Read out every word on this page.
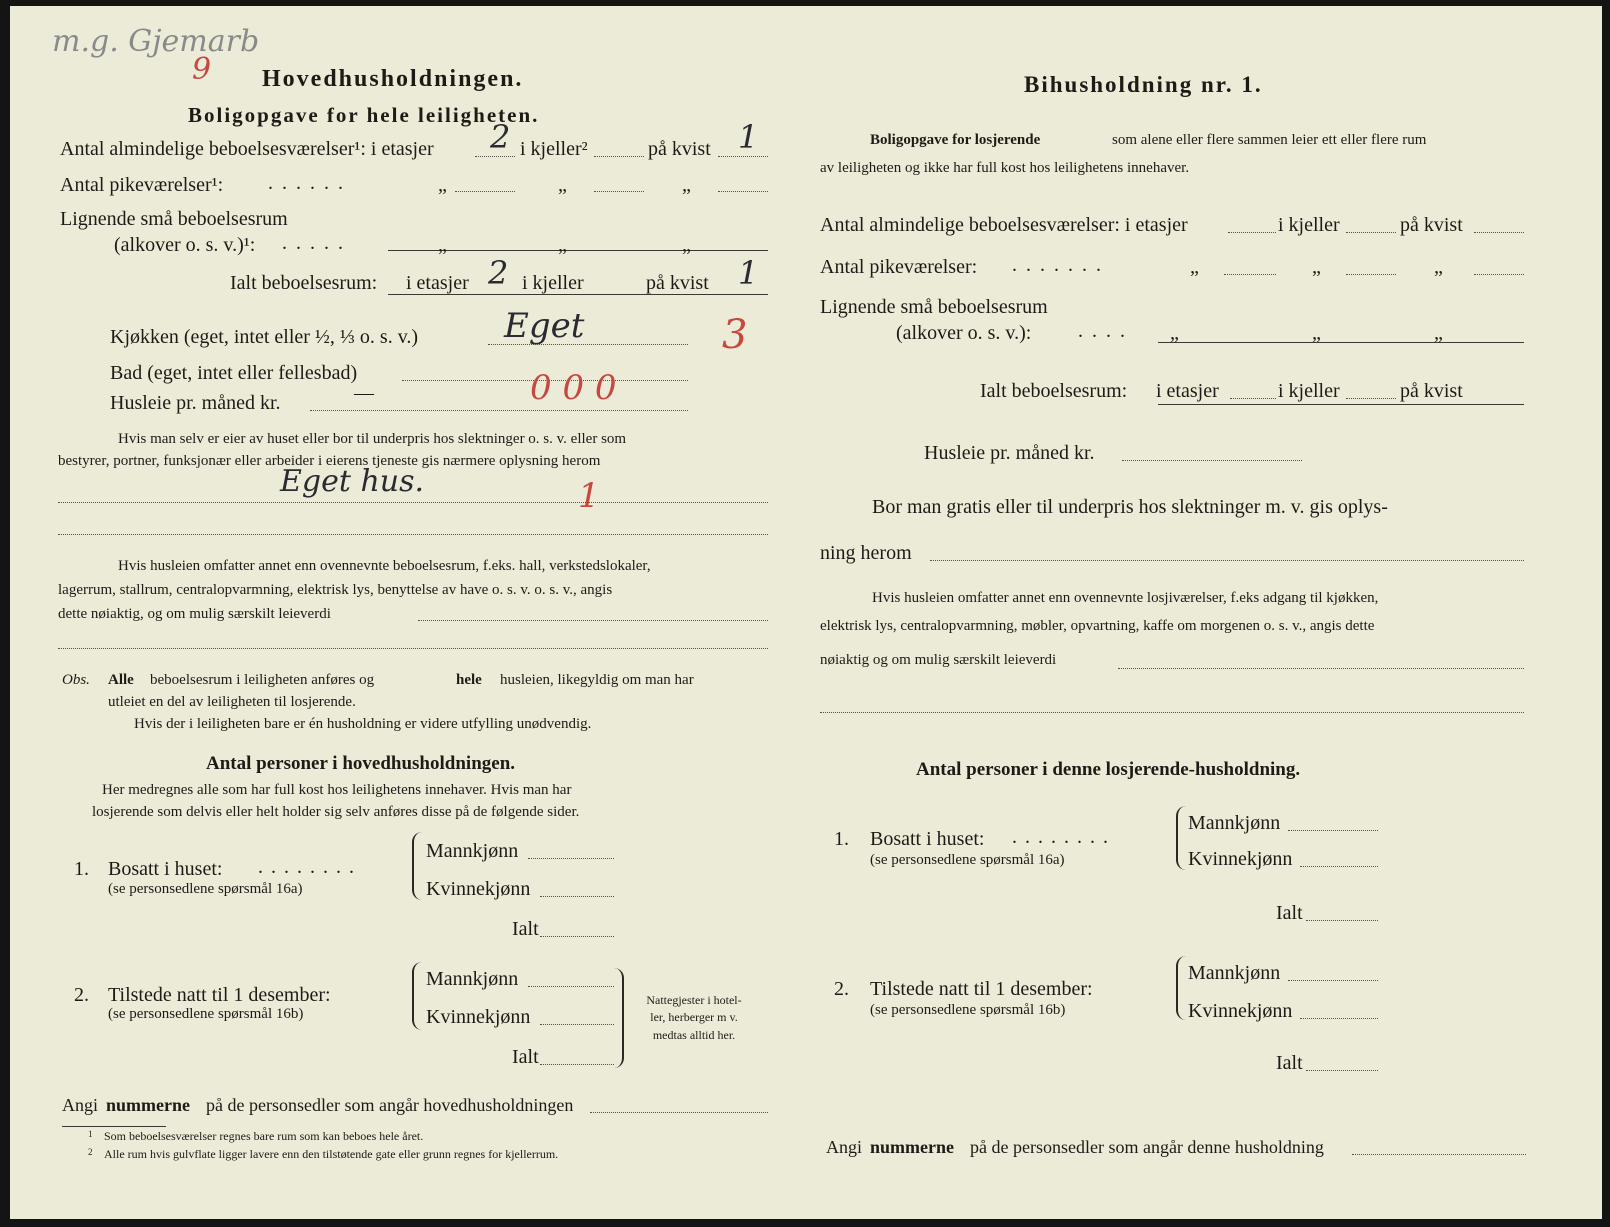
m.g. Gjemarb
9 Hovedhusholdningen.
Boligopgave for hele leiligheten.
Antal almindelige beboelsesværelser¹: i etasjer 2 i kjeller²	på kvist 1
Antal pikeværelser¹: ......	„	„	„
Lignende små beboelsesrum
(alkover o. s. v.)¹: .....	„	„	„
Ialt beboelsesrum: i etasjer 2 i kjeller	på kvist 1
Kjøkken (eget, intet eller ½, ⅓ o. s. v.)	Eget	3
Bad (eget, intet eller fellesbad)
Husleie pr. måned kr.	—	0 0 0
Hvis man selv er eier av huset eller bor til underpris hos slektninger o. s. v. eller som
bestyrer, portner, funksjonær eller arbeider i eierens tjeneste gis nærmere oplysning herom
Eget hus.	1
Hvis husleien omfatter annet enn ovennevnte beboelsesrum, f.eks. hall, verkstedslokaler,
lagerrum, stallrum, centralopvarmning, elektrisk lys, benyttelse av have o. s. v. o. s. v., angis
dette nøiaktig, og om mulig særskilt leieverdi
Obs. Alle beboelsesrum i leiligheten anføres og	hele husleien, likegyldig om man har
utleiet en del av leiligheten til losjerende.
Hvis der i leiligheten bare er én husholdning er videre utfylling unødvendig.
Antal personer i hovedhusholdningen.
Her medregnes alle som har full kost hos leilighetens innehaver. Hvis man har
losjerende som delvis eller helt holder sig selv anføres disse på de følgende sider.
1. Bosatt i huset: ........
(se personsedlene spørsmål 16a)
Mannkjønn
Kvinnekjønn
Ialt
2. Tilstede natt til 1 desember:
(se personsedlene spørsmål 16b)
Mannkjønn
Kvinnekjønn
Ialt
Nattegjester i hotel-
ler, herberger m v.
medtas alltid her.
Angi nummerne på de personsedler som angår hovedhusholdningen
1 Som beboelsesværelser regnes bare rum som kan beboes hele året.
2 Alle rum hvis gulvflate ligger lavere enn den tilstøtende gate eller grunn regnes for kjellerrum.
Bihusholdning nr. 1.
Boligopgave for losjerende	som alene eller flere sammen leier ett eller flere rum
av leiligheten og ikke har full kost hos leilighetens innehaver.
Antal almindelige beboelsesværelser: i etasjer	i kjeller	på kvist
Antal pikeværelser: .......	„	„	„
Lignende små beboelsesrum
(alkover o. s. v.): .... „	„	„
Ialt beboelsesrum: i etasjer	i kjeller	på kvist
Husleie pr. måned kr.
Bor man gratis eller til underpris hos slektninger m. v. gis oplys-
ning herom
Hvis husleien omfatter annet enn ovennevnte losjiværelser, f.eks adgang til kjøkken,
elektrisk lys, centralopvarmning, møbler, opvartning, kaffe om morgenen o. s. v., angis dette
nøiaktig og om mulig særskilt leieverdi
Antal personer i denne losjerende-husholdning.
1. Bosatt i huset: ........
(se personsedlene spørsmål 16a)
Mannkjønn
Kvinnekjønn
Ialt
2. Tilstede natt til 1 desember:
(se personsedlene spørsmål 16b)
Mannkjønn
Kvinnekjønn
Ialt
Angi nummerne på de personsedler som angår denne husholdning
